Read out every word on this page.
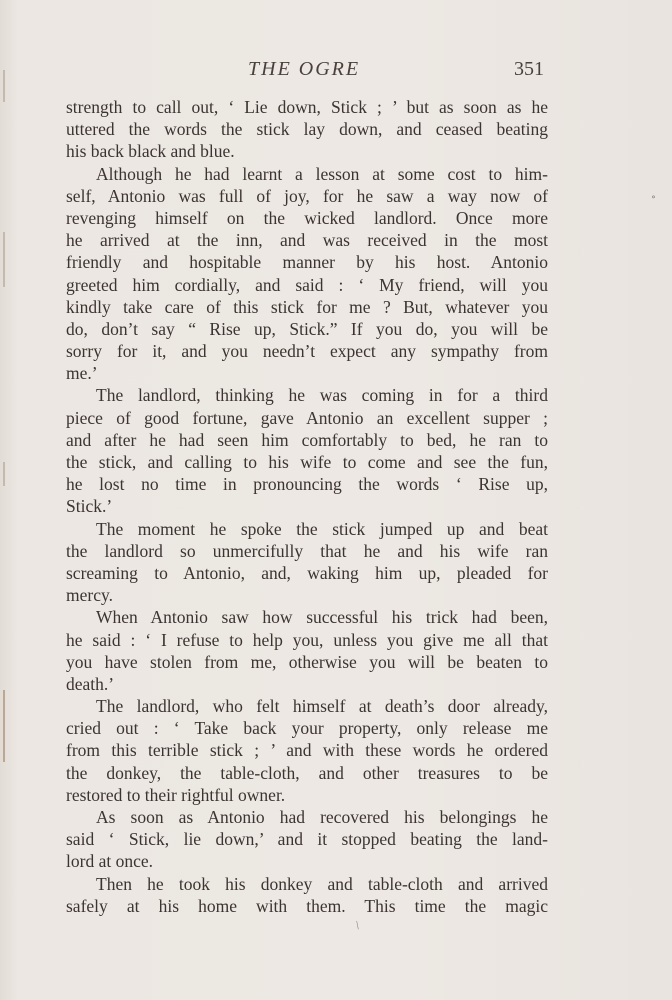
THE OGRE	351
strength to call out, ‘ Lie down, Stick ; ’ but as soon as he
uttered the words the stick lay down, and ceased beating
his back black and blue.
Although he had learnt a lesson at some cost to him-
self, Antonio was full of joy, for he saw a way now of
revenging himself on the wicked landlord. Once more
he arrived at the inn, and was received in the most
friendly and hospitable manner by his host. Antonio
greeted him cordially, and said : ‘ My friend, will you
kindly take care of this stick for me ? But, whatever you
do, don’t say “ Rise up, Stick.” If you do, you will be
sorry for it, and you needn’t expect any sympathy from
me.’
The landlord, thinking he was coming in for a third
piece of good fortune, gave Antonio an excellent supper ;
and after he had seen him comfortably to bed, he ran to
the stick, and calling to his wife to come and see the fun,
he lost no time in pronouncing the words ‘ Rise up,
Stick.’
The moment he spoke the stick jumped up and beat
the landlord so unmercifully that he and his wife ran
screaming to Antonio, and, waking him up, pleaded for
mercy.
When Antonio saw how successful his trick had been,
he said : ‘ I refuse to help you, unless you give me all that
you have stolen from me, otherwise you will be beaten to
death.’
The landlord, who felt himself at death’s door already,
cried out : ‘ Take back your property, only release me
from this terrible stick ; ’ and with these words he ordered
the donkey, the table-cloth, and other treasures to be
restored to their rightful owner.
As soon as Antonio had recovered his belongings he
said ‘ Stick, lie down,’ and it stopped beating the land-
lord at once.
Then he took his donkey and table-cloth and arrived
safely at his home with them. This time the magic
∘
/
